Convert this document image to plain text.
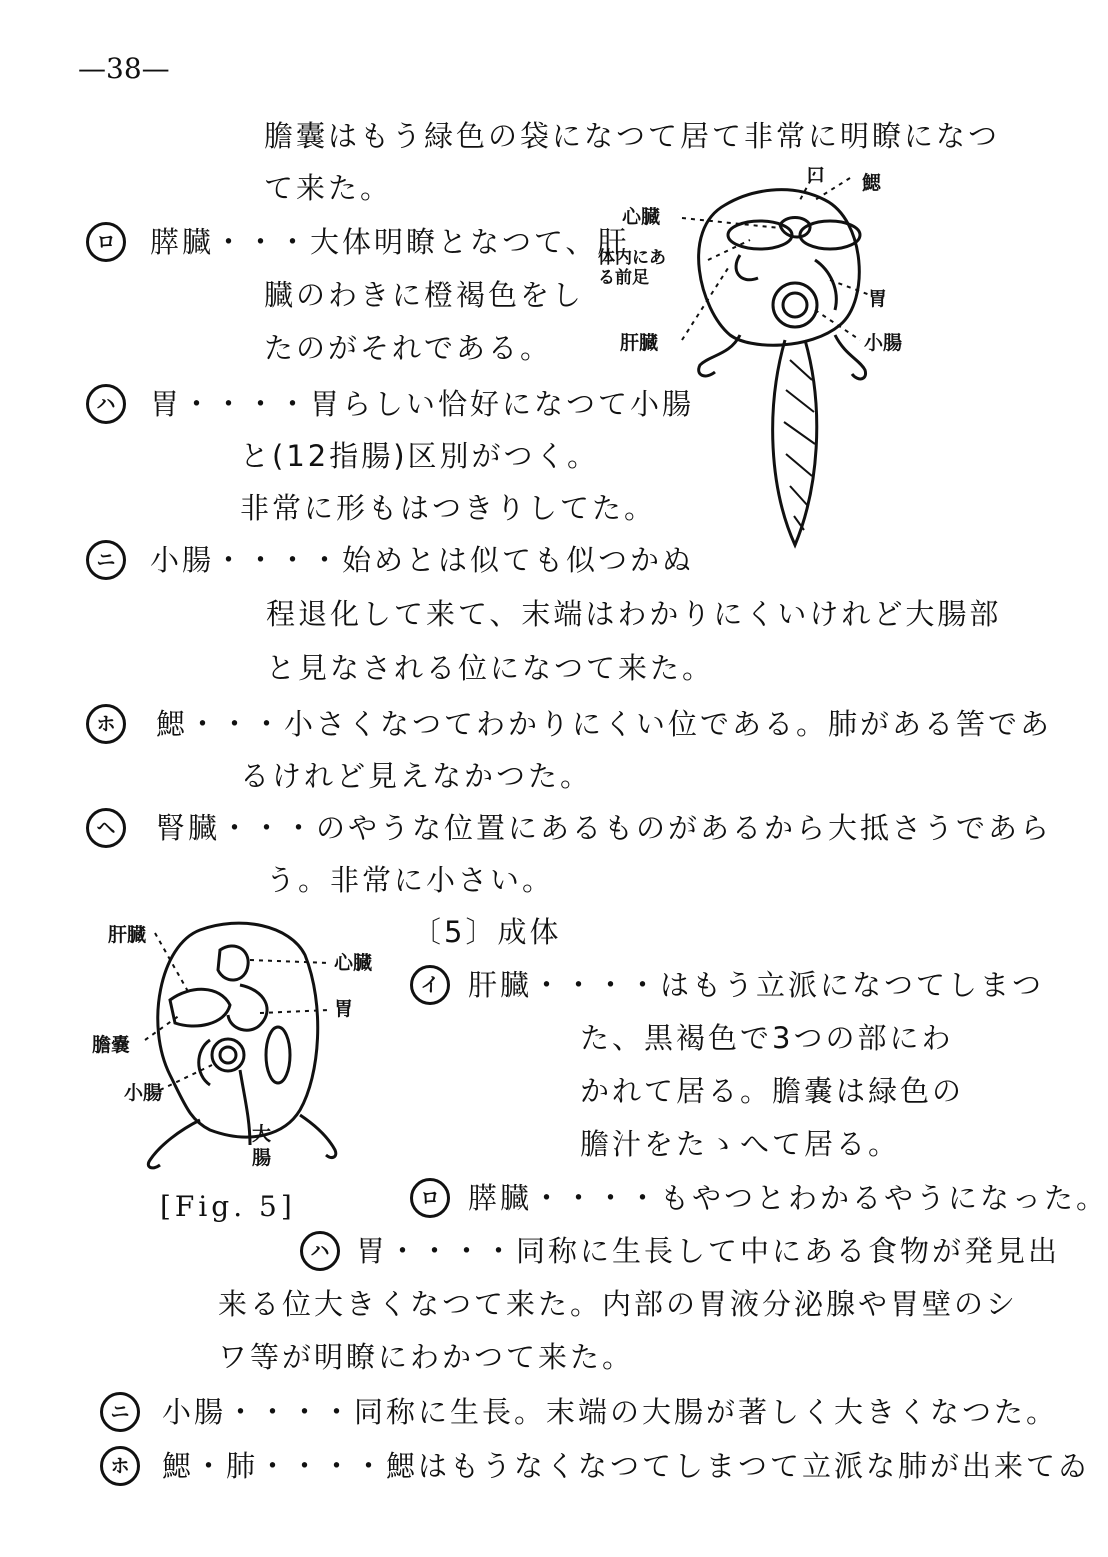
—38—
膽囊はもう緑色の袋になつて居て非常に明瞭になつ
て来た。
ロ	膵臓・・・大体明瞭となつて、肝
臓のわきに橙褐色をし
たのがそれである。
ハ	胃・・・・胃らしい恰好になつて小腸
と(12指腸)区別がつく。
非常に形もはつきりしてた。
ニ	小腸・・・・始めとは似ても似つかぬ
程退化して来て、末端はわかりにくいけれど大腸部
と見なされる位になつて来た。
ホ	鰓・・・小さくなつてわかりにくい位である。肺がある筈であ
るけれど見えなかつた。
ヘ	腎臓・・・のやうな位置にあるものがあるから大抵さうであら
う。非常に小さい。
〔5〕成体
イ 肝臓・・・・はもう立派になつてしまつ
た、黒褐色で3つの部にわ
かれて居る。膽嚢は緑色の
膽汁をたゝへて居る。
ロ 膵臓・・・・もやつとわかるやうになった。
ハ 胃・・・・同称に生長して中にある食物が発見出
来る位大きくなつて来た。内部の胃液分泌腺や胃壁のシ
ワ等が明瞭にわかつて来た。
ニ	小腸・・・・同称に生長。末端の大腸が著しく大きくなつた。
ホ	鰓・肺・・・・鰓はもうなくなつてしまつて立派な肺が出来てゐ
口 鰓
心臓
体内にある前足
胃
肝臓	小腸
肝臓
心臓
胃
膽嚢
小腸
大腸
[Fig. 5]
